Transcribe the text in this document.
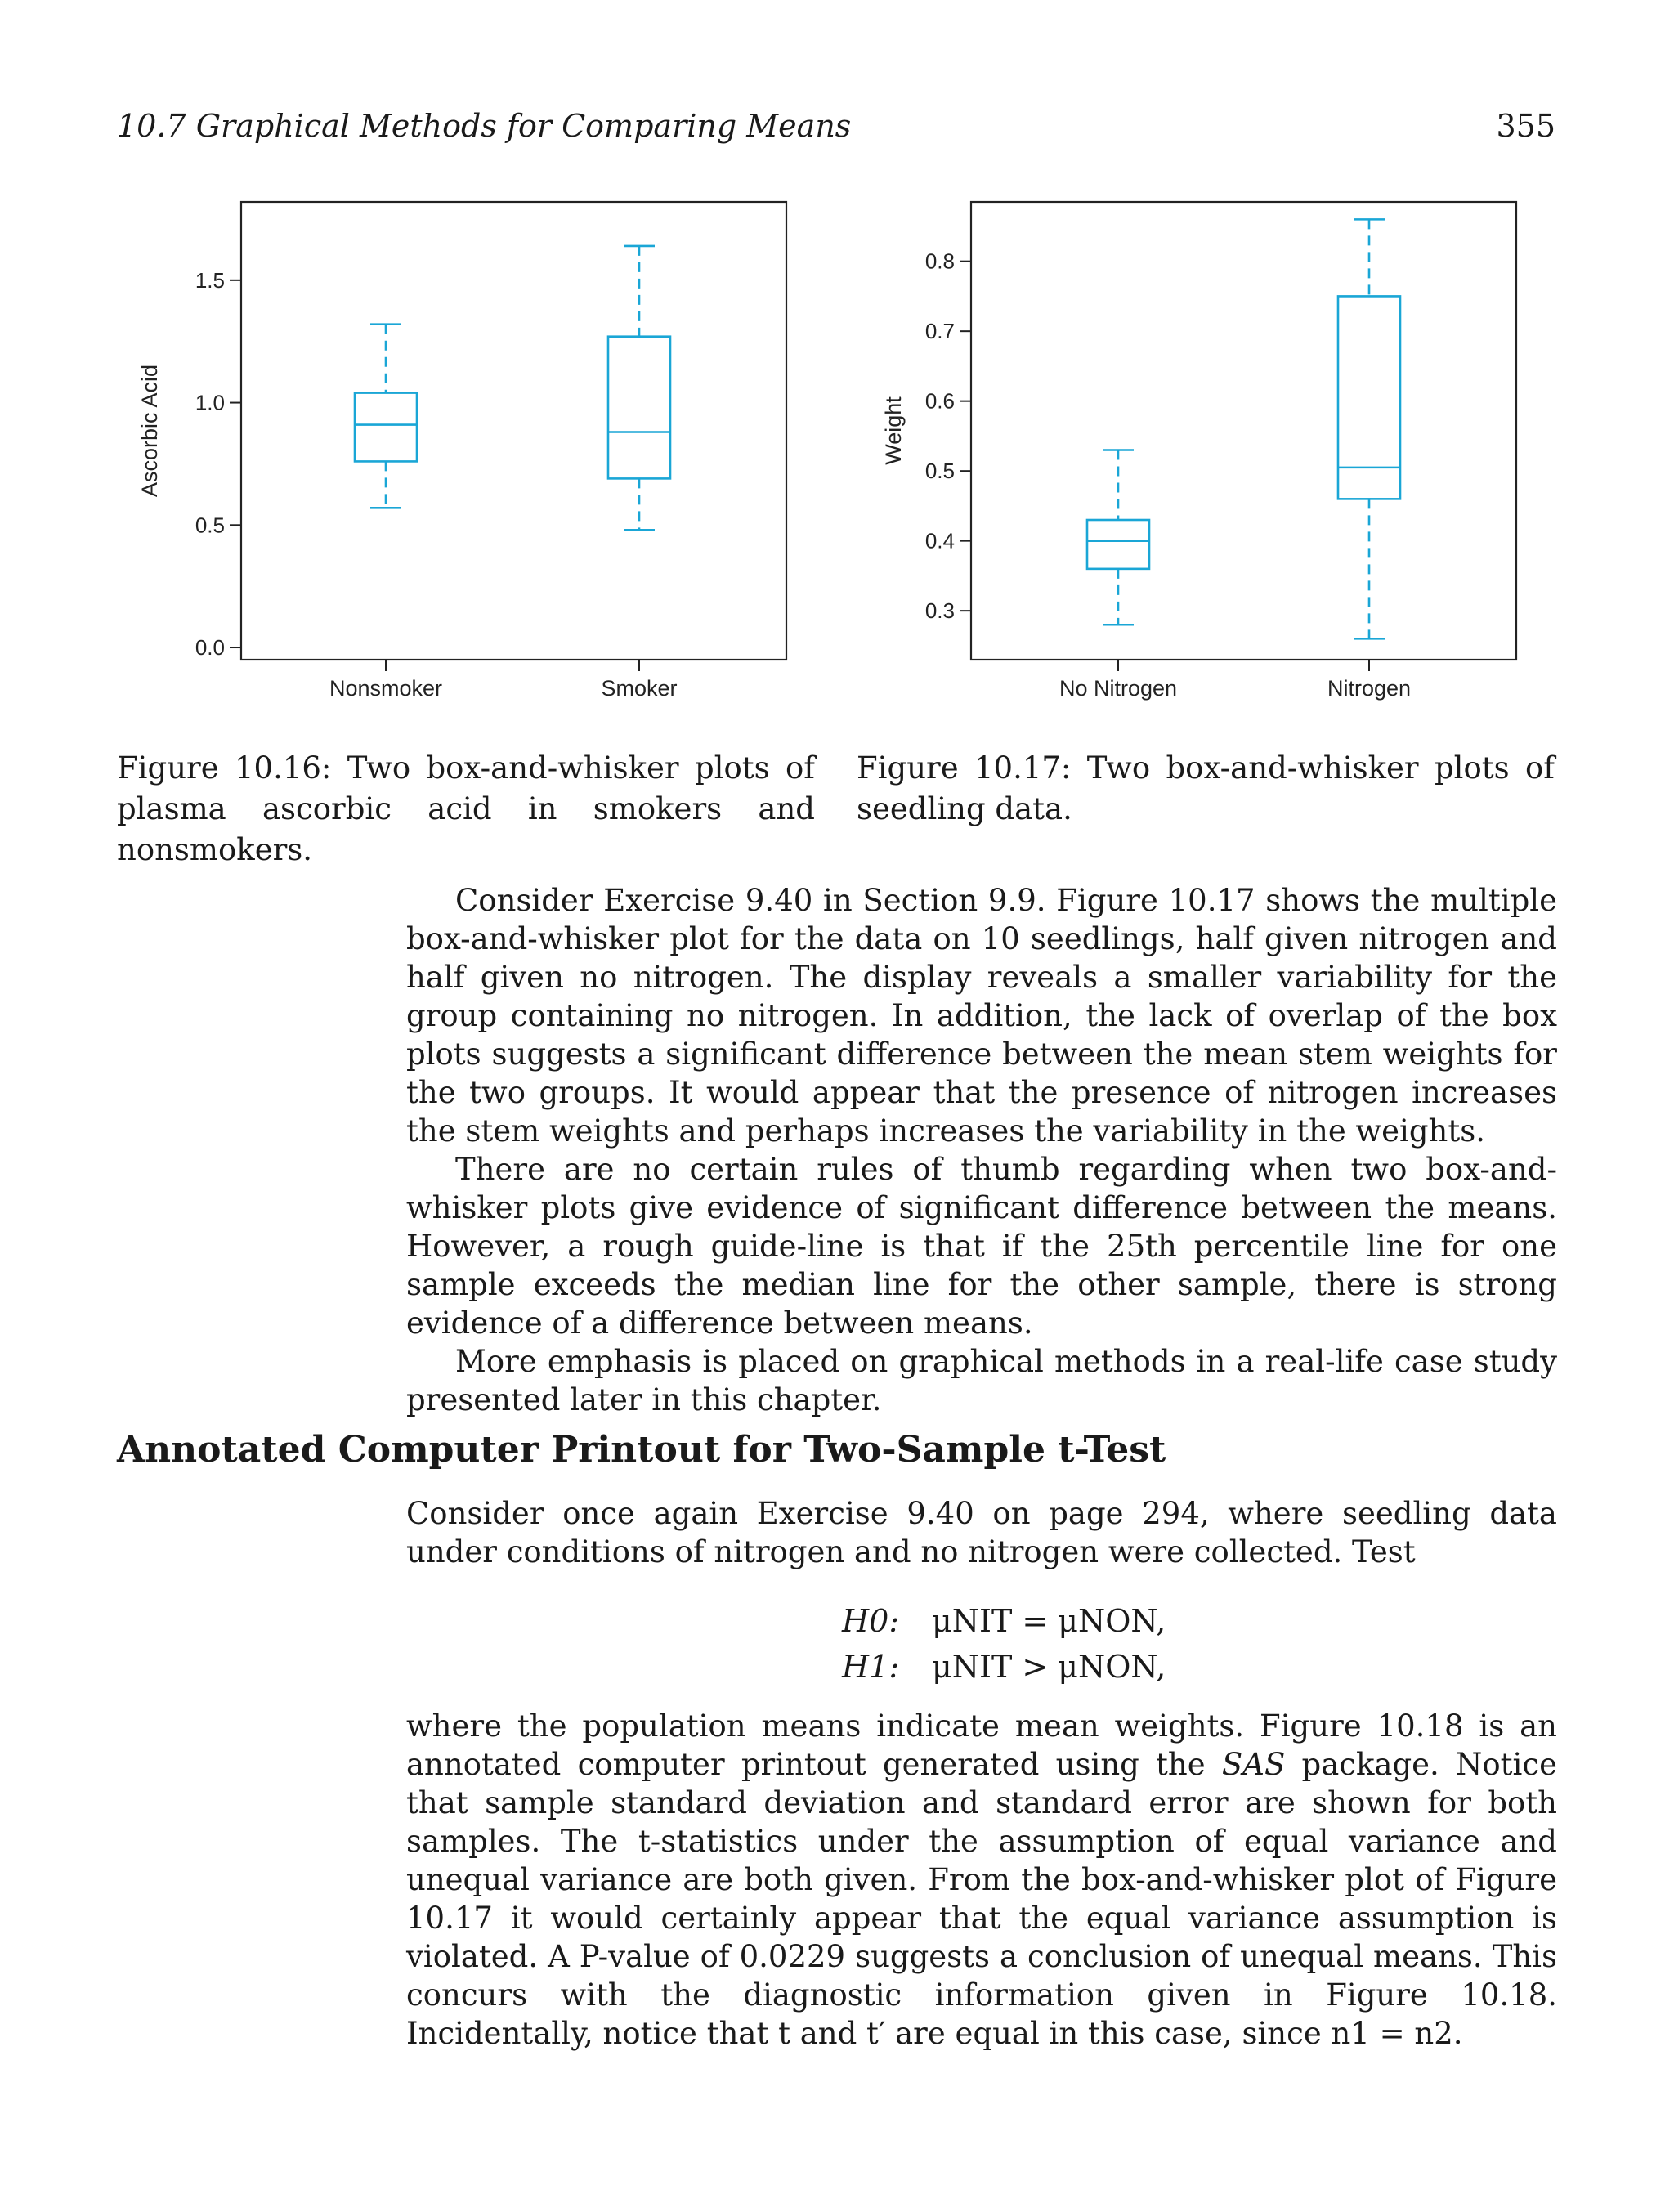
10.7 Graphical Methods for Comparing Means	355
0.0
0.5
1.0
1.5
Ascorbic Acid
Nonsmoker	Smoker
0.3
0.4
0.5
0.6
0.7
0.8
Weight
No Nitrogen	Nitrogen
Figure 10.16: Two box-and-whisker plots of plasma ascorbic acid in smokers and nonsmokers.
Figure 10.17: Two box-and-whisker plots of seedling data.

Consider Exercise 9.40 in Section 9.9. Figure 10.17 shows the multiple box-and-whisker plot for the data on 10 seedlings, half given nitrogen and half given no nitrogen. The display reveals a smaller variability for the group containing no nitrogen. In addition, the lack of overlap of the box plots suggests a significant difference between the mean stem weights for the two groups. It would appear that the presence of nitrogen increases the stem weights and perhaps increases the variability in the weights.

There are no certain rules of thumb regarding when two box-and-whisker plots give evidence of significant difference between the means. However, a rough guide-line is that if the 25th percentile line for one sample exceeds the median line for the other sample, there is strong evidence of a difference between means.

More emphasis is placed on graphical methods in a real-life case study presented later in this chapter.

Annotated Computer Printout for Two-Sample t-Test

Consider once again Exercise 9.40 on page 294, where seedling data under conditions of nitrogen and no nitrogen were collected. Test

H0: μNIT = μNON,
H1: μNIT > μNON,

where the population means indicate mean weights. Figure 10.18 is an annotated computer printout generated using the SAS package. Notice that sample standard deviation and standard error are shown for both samples. The t-statistics under the assumption of equal variance and unequal variance are both given. From the box-and-whisker plot of Figure 10.17 it would certainly appear that the equal variance assumption is violated. A P-value of 0.0229 suggests a conclusion of unequal means. This concurs with the diagnostic information given in Figure 10.18. Incidentally, notice that t and t′ are equal in this case, since n1 = n2.
